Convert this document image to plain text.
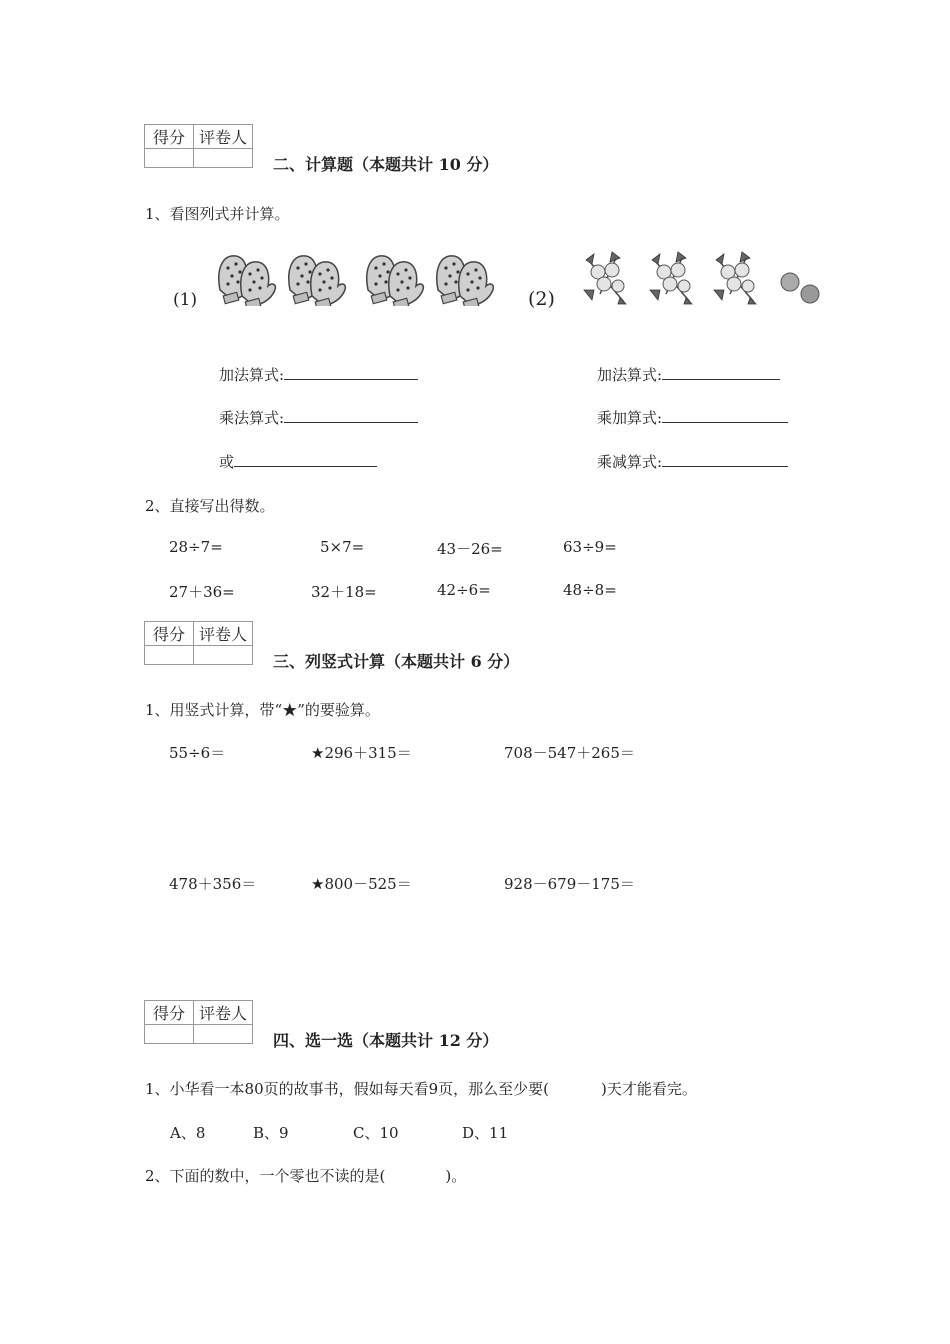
得分	评卷人

二、计算题（本题共计 10 分）
1、看图列式并计算。
(1)	(2)
加法算式:
乘法算式:
或
加法算式:
乘加算式:
乘减算式:
2、直接写出得数。
28÷7=	5×7=	43－26=	63÷9=
27＋36=	32＋18=	42÷6=	48÷8=
得分	评卷人

三、列竖式计算（本题共计 6 分）
1、用竖式计算，带“★”的要验算。
55÷6＝	★296＋315＝	708－547＋265＝
478＋356＝	★800－525＝	928－679－175＝
得分	评卷人

四、选一选（本题共计 12 分）
1、小华看一本80页的故事书，假如每天看9页，那么至少要(	)天才能看完。
A、8	B、9	C、10	D、11
2、下面的数中，一个零也不读的是(	)。
